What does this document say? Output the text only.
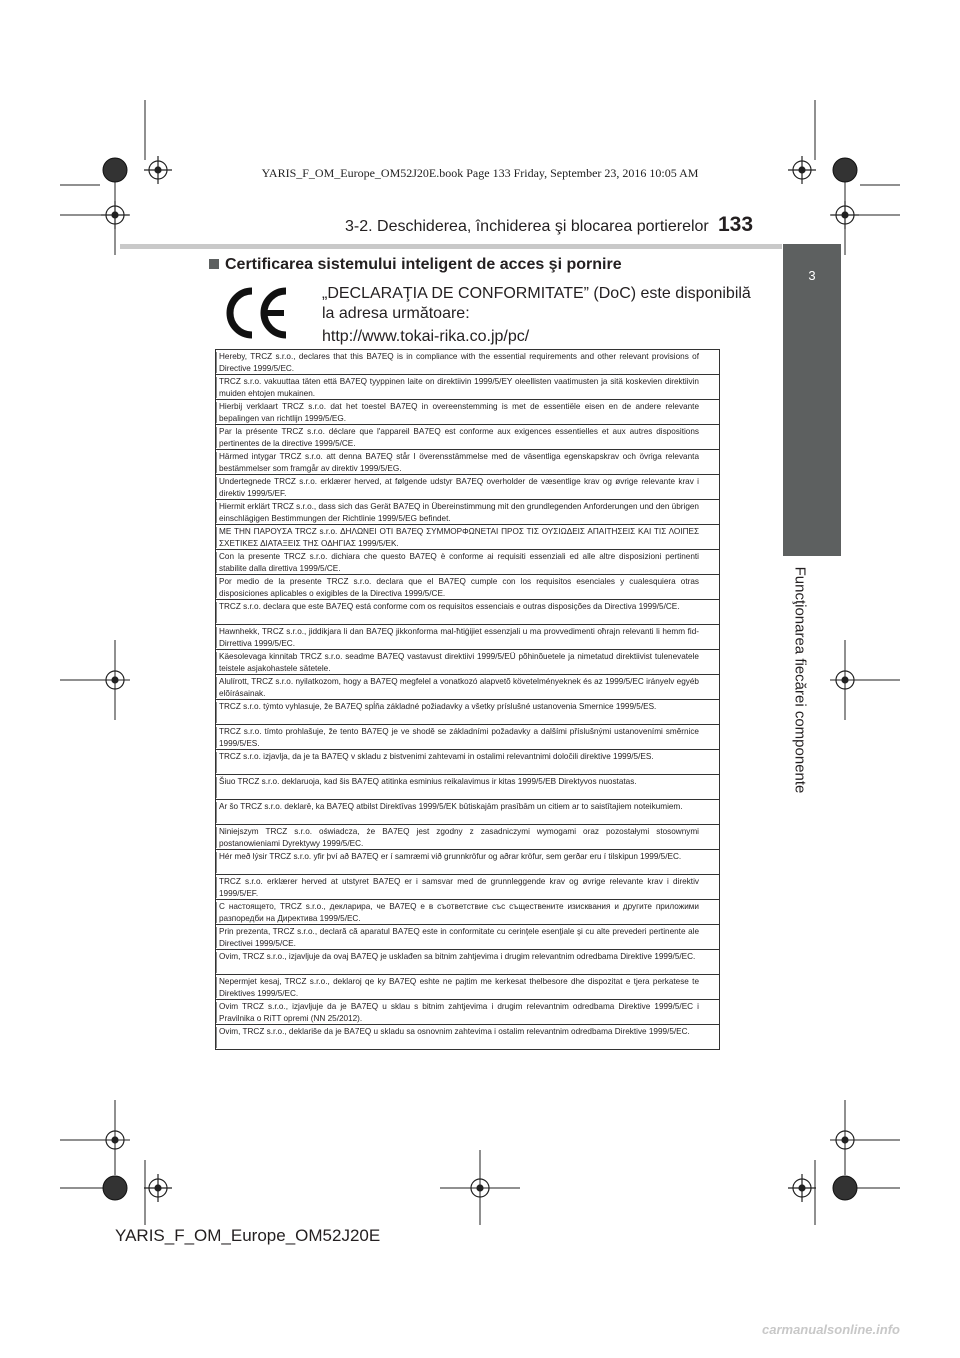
YARIS_F_OM_Europe_OM52J20E.book Page 133 Friday, September 23, 2016 10:05 AM
3-2. Deschiderea, închiderea şi blocarea portierelor 133
3
Funcţionarea fiecărei componente
Certificarea sistemului inteligent de acces şi pornire
„DECLARAŢIA DE CONFORMITATE” (DoC) este disponibilă
la adresa următoare:
http://www.tokai-rika.co.jp/pc/
Hereby, TRCZ s.r.o., declares that this BA7EQ is in compliance with the essential requirements and other relevant provisions of Directive 1999/5/EC.
TRCZ s.r.o. vakuuttaa täten että BA7EQ tyyppinen laite on direktiivin 1999/5/EY oleellisten vaatimusten ja sitä koskevien direktiivin muiden ehtojen mukainen.
Hierbij verklaart TRCZ s.r.o. dat het toestel BA7EQ in overeenstemming is met de essentiële eisen en de andere relevante bepalingen van richtlijn 1999/5/EG.
Par la présente TRCZ s.r.o. déclare que l'appareil BA7EQ est conforme aux exigences essentielles et aux autres dispositions pertinentes de la directive 1999/5/CE.
Härmed intygar TRCZ s.r.o. att denna BA7EQ står I överensstämmelse med de väsentliga egenskapskrav och övriga relevanta bestämmelser som framgår av direktiv 1999/5/EG.
Undertegnede TRCZ s.r.o. erklærer herved, at følgende udstyr BA7EQ overholder de væsentlige krav og øvrige relevante krav i direktiv 1999/5/EF.
Hiermit erklärt TRCZ s.r.o., dass sich das Gerät BA7EQ in Übereinstimmung mit den grundlegenden Anforderungen und den übrigen einschlägigen Bestimmungen der Richtlinie 1999/5/EG befindet.
ΜΕ ΤΗΝ ΠΑΡΟΥΣΑ TRCZ s.r.o. ΔΗΛΩΝΕΙ ΟΤΙ BA7EQ ΣΥΜΜΟΡΦΩΝΕΤΑΙ ΠΡΟΣ ΤΙΣ ΟΥΣΙΩΔΕΙΣ ΑΠΑΙΤΗΣΕΙΣ ΚΑΙ ΤΙΣ ΛΟΙΠΕΣ ΣΧΕΤΙΚΕΣ ΔΙΑΤΑΞΕΙΣ ΤΗΣ ΟΔΗΓΙΑΣ 1999/5/ΕΚ.
Con la presente TRCZ s.r.o. dichiara che questo BA7EQ è conforme ai requisiti essenziali ed alle altre disposizioni pertinenti stabilite dalla direttiva 1999/5/CE.
Por medio de la presente TRCZ s.r.o. declara que el BA7EQ cumple con los requisitos esenciales y cualesquiera otras disposiciones aplicables o exigibles de la Directiva 1999/5/CE.
TRCZ s.r.o. declara que este BA7EQ está conforme com os requisitos essenciais e outras disposições da Directiva 1999/5/CE.
Hawnhekk, TRCZ s.r.o., jiddikjara li dan BA7EQ jikkonforma mal-ħtiġijiet essenzjali u ma provvedimenti oħrajn relevanti li hemm fid-Dirrettiva 1999/5/EC.
Käesolevaga kinnitab TRCZ s.r.o. seadme BA7EQ vastavust direktiivi 1999/5/EÜ põhinõuetele ja nimetatud direktiivist tulenevatele teistele asjakohastele sätetele.
Alulírott, TRCZ s.r.o. nyilatkozom, hogy a BA7EQ megfelel a vonatkozó alapvetõ követelményeknek és az 1999/5/EC irányelv egyéb elõírásainak.
TRCZ s.r.o. týmto vyhlasuje, že BA7EQ spĺňa základné požiadavky a všetky príslušné ustanovenia Smernice 1999/5/ES.
TRCZ s.r.o. tímto prohlašuje, že tento BA7EQ je ve shodě se základními požadavky a dalšími příslušnými ustanoveními směrnice 1999/5/ES.
TRCZ s.r.o. izjavlja, da je ta BA7EQ v skladu z bistvenimi zahtevami in ostalimi relevantnimi določili direktive 1999/5/ES.
Šiuo TRCZ s.r.o. deklaruoja, kad šis BA7EQ atitinka esminius reikalavimus ir kitas 1999/5/EB Direktyvos nuostatas.
Ar šo TRCZ s.r.o. deklarē, ka BA7EQ atbilst Direktīvas 1999/5/EK būtiskajām prasībām un citiem ar to saistītajiem noteikumiem.
Niniejszym TRCZ s.r.o. oświadcza, że BA7EQ jest zgodny z zasadniczymi wymogami oraz pozostałymi stosownymi postanowieniami Dyrektywy 1999/5/EC.
Hér með lýsir TRCZ s.r.o. yfir því að BA7EQ er í samræmi við grunnkröfur og aðrar kröfur, sem gerðar eru í tilskipun 1999/5/EC.
TRCZ s.r.o. erklærer herved at utstyret BA7EQ er i samsvar med de grunnleggende krav og øvrige relevante krav i direktiv 1999/5/EF.
С настоящето, TRCZ s.r.o., декларира, че BA7EQ е в съответствие със съществените изисквания и другите приложими разпоредби на Директива 1999/5/ЕС.
Prin prezenta, TRCZ s.r.o., declară că aparatul BA7EQ este in conformitate cu cerinţele esenţiale şi cu alte prevederi pertinente ale Directivei 1999/5/CE.
Ovim, TRCZ s.r.o., izjavljuje da ovaj BA7EQ je usklađen sa bitnim zahtjevima i drugim relevantnim odredbama Direktive 1999/5/EC.
Nepermjet kesaj, TRCZ s.r.o., deklaroj qe ky BA7EQ eshte ne pajtim me kerkesat thelbesore dhe dispozitat e tjera perkatese te Direktives 1999/5/EC.
Ovim TRCZ s.r.o., izjavljuje da je BA7EQ u sklau s bitnim zahtjevima i drugim relevantnim odredbama Direktive 1999/5/EC i Pravilnika o RiTT opremi (NN 25/2012).
Ovim, TRCZ s.r.o., deklariše da je BA7EQ u skladu sa osnovnim zahtevima i ostalim relevantnim odredbama Direktive 1999/5/EC.
YARIS_F_OM_Europe_OM52J20E
carmanualsonline.info
